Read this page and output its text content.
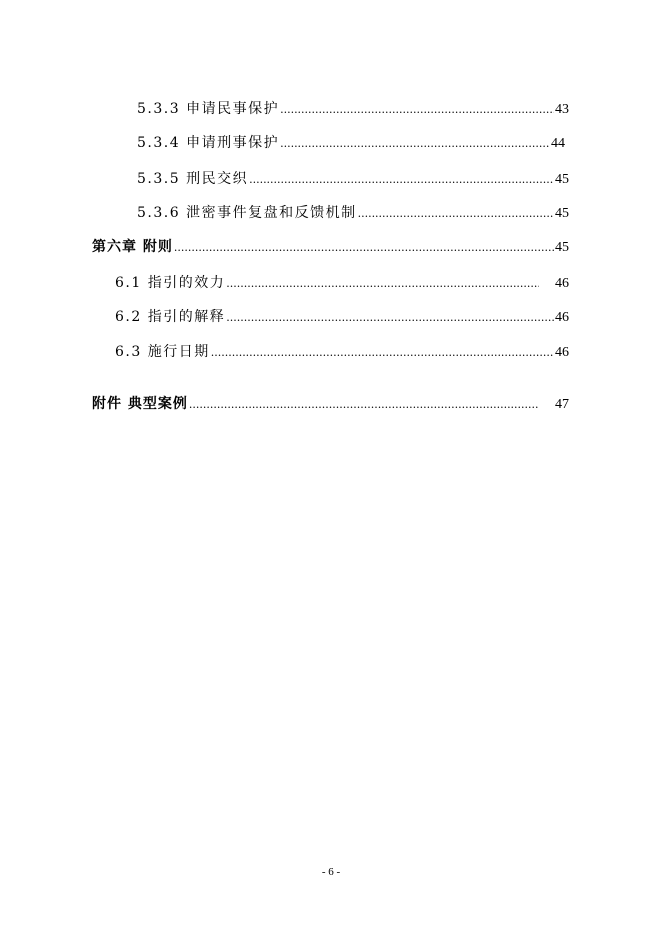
5.3.3 申请民事保护 .....	43
5.3.4 申请刑事保护 .....	44
5.3.5 刑民交织 .....	45
5.3.6 泄密事件复盘和反馈机制 .....	45
第六章 附则 .....	45
6.1 指引的效力 .....	46
6.2 指引的解释 .....	46
6.3 施行日期 .....	46
附件 典型案例 .....	47
- 6 -
